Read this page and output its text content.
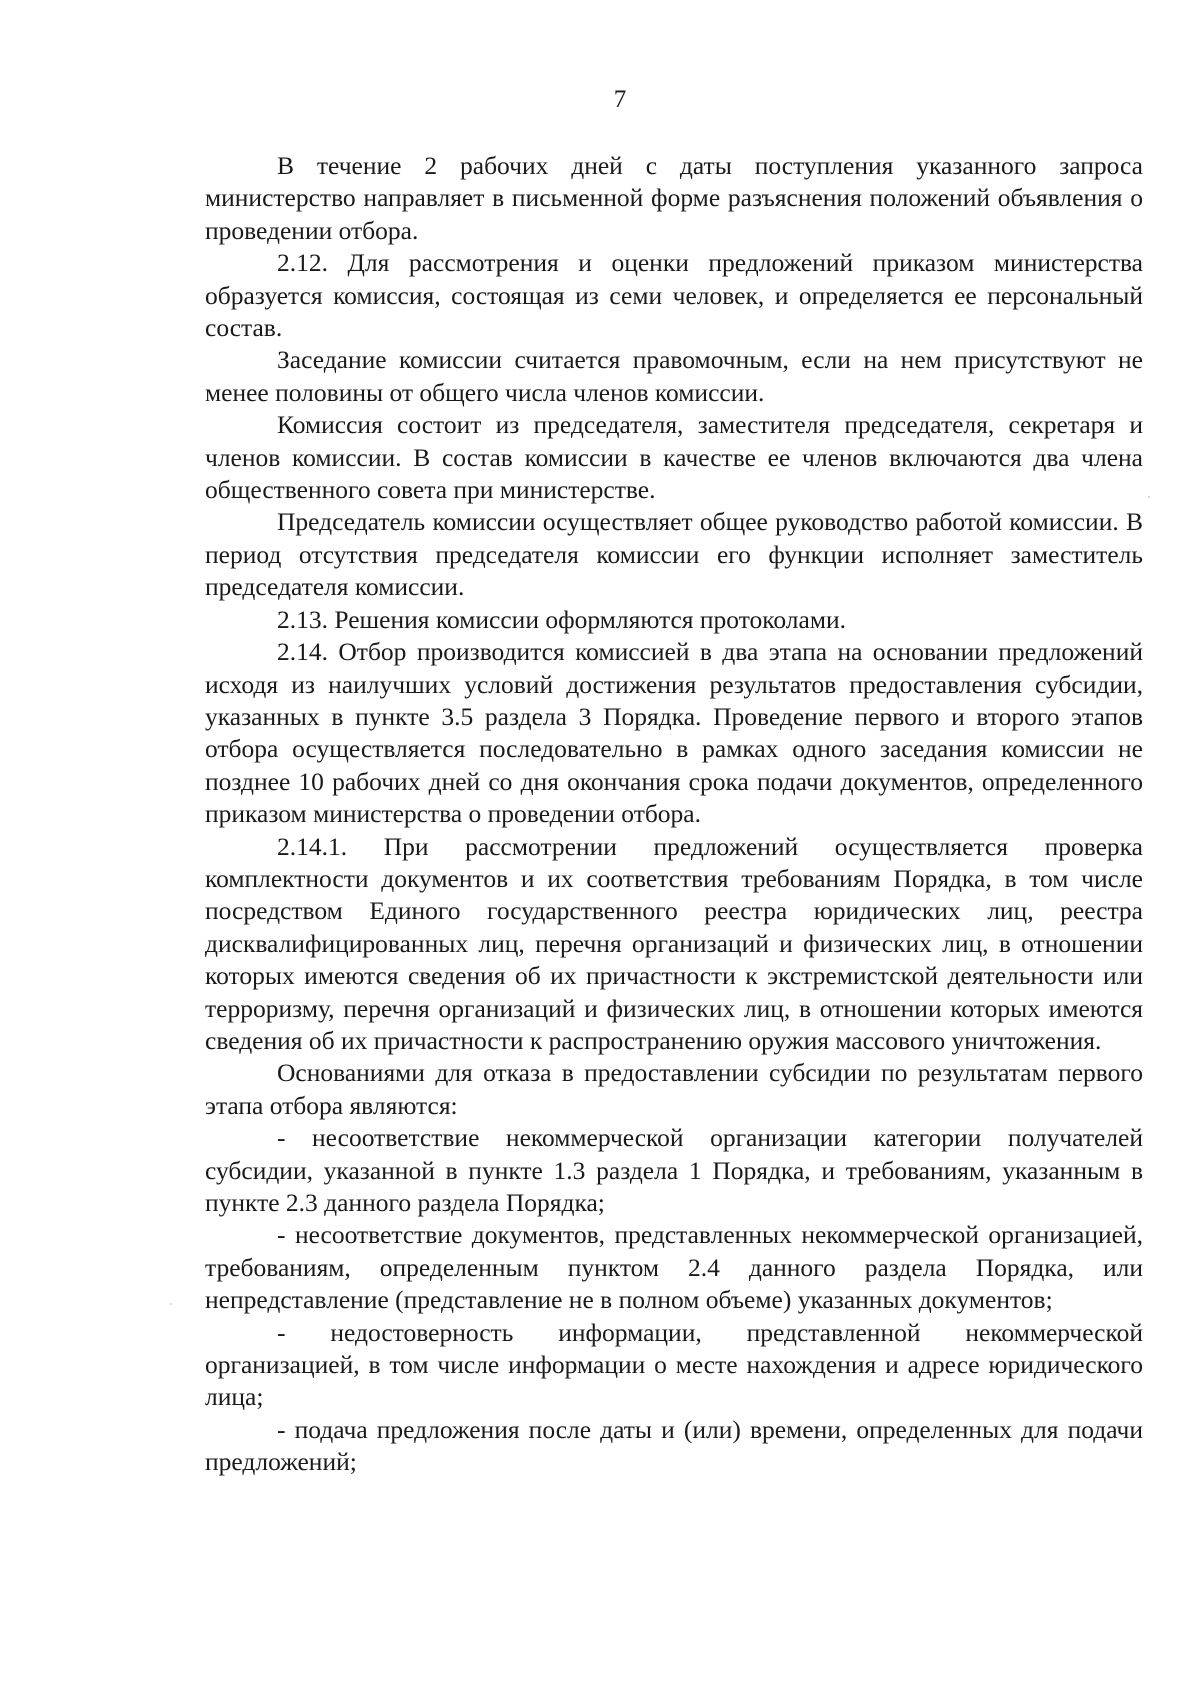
7

В течение 2 рабочих дней с даты поступления указанного запроса министерство направляет в письменной форме разъяснения положений объявления о проведении отбора.

2.12. Для рассмотрения и оценки предложений приказом министерства образуется комиссия, состоящая из семи человек, и определяется ее персональный состав.

Заседание комиссии считается правомочным, если на нем присутствуют не менее половины от общего числа членов комиссии.

Комиссия состоит из председателя, заместителя председателя, секретаря и членов комиссии. В состав комиссии в качестве ее членов включаются два члена общественного совета при министерстве.

Председатель комиссии осуществляет общее руководство работой комиссии. В период отсутствия председателя комиссии его функции исполняет заместитель председателя комиссии.

2.13. Решения комиссии оформляются протоколами.

2.14. Отбор производится комиссией в два этапа на основании предложений исходя из наилучших условий достижения результатов предоставления субсидии, указанных в пункте 3.5 раздела 3 Порядка. Проведение первого и второго этапов отбора осуществляется последовательно в рамках одного заседания комиссии не позднее 10 рабочих дней со дня окончания срока подачи документов, определенного приказом министерства о проведении отбора.

2.14.1. При рассмотрении предложений осуществляется проверка комплектности документов и их соответствия требованиям Порядка, в том числе посредством Единого государственного реестра юридических лиц, реестра дисквалифицированных лиц, перечня организаций и физических лиц, в отношении которых имеются сведения об их причастности к экстремистской деятельности или терроризму, перечня организаций и физических лиц, в отношении которых имеются сведения об их причастности к распространению оружия массового уничтожения.

Основаниями для отказа в предоставлении субсидии по результатам первого этапа отбора являются:

- несоответствие некоммерческой организации категории получателей субсидии, указанной в пункте 1.3 раздела 1 Порядка, и требованиям, указанным в пункте 2.3 данного раздела Порядка;

- несоответствие документов, представленных некоммерческой организацией, требованиям, определенным пунктом 2.4 данного раздела Порядка, или непредставление (представление не в полном объеме) указанных документов;

- недостоверность информации, представленной некоммерческой организацией, в том числе информации о месте нахождения и адресе юридического лица;

- подача предложения после даты и (или) времени, определенных для подачи предложений;
